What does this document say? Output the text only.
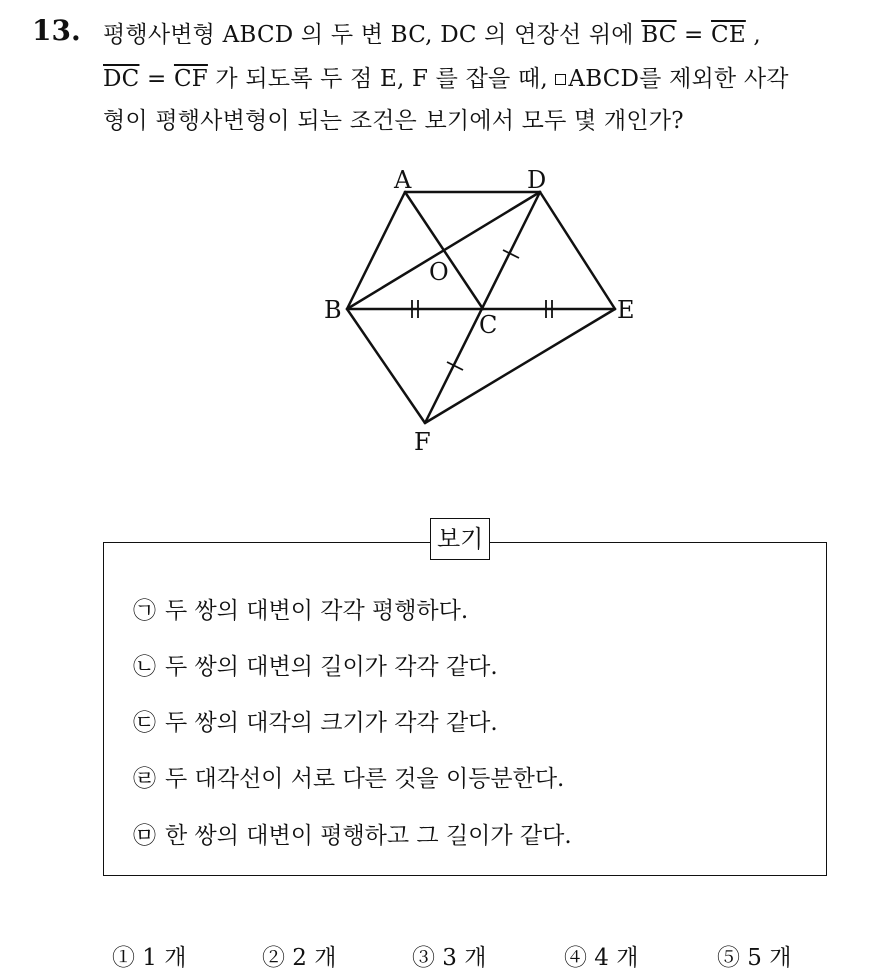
13. 평행사변형 ABCD 의 두 변 BC, DC 의 연장선 위에 $\overline{BC} = \overline{CE}$ ,
$\overline{DC} = \overline{CF}$ 가 되도록 두 점 E, F 를 잡을 때, ABCD를 제외한 사각
형이 평행사변형이 되는 조건은 보기에서 모두 몇 개인가?
A	D
O
B
C
E
F
보기
㉠ 두 쌍의 대변이 각각 평행하다.
㉡ 두 쌍의 대변의 길이가 각각 같다.
㉢ 두 쌍의 대각의 크기가 각각 같다.
㉣ 두 대각선이 서로 다른 것을 이등분한다.
㉤ 한 쌍의 대변이 평행하고 그 길이가 같다.
① 1 개	② 2 개	③ 3 개	④ 4 개	⑤ 5 개
